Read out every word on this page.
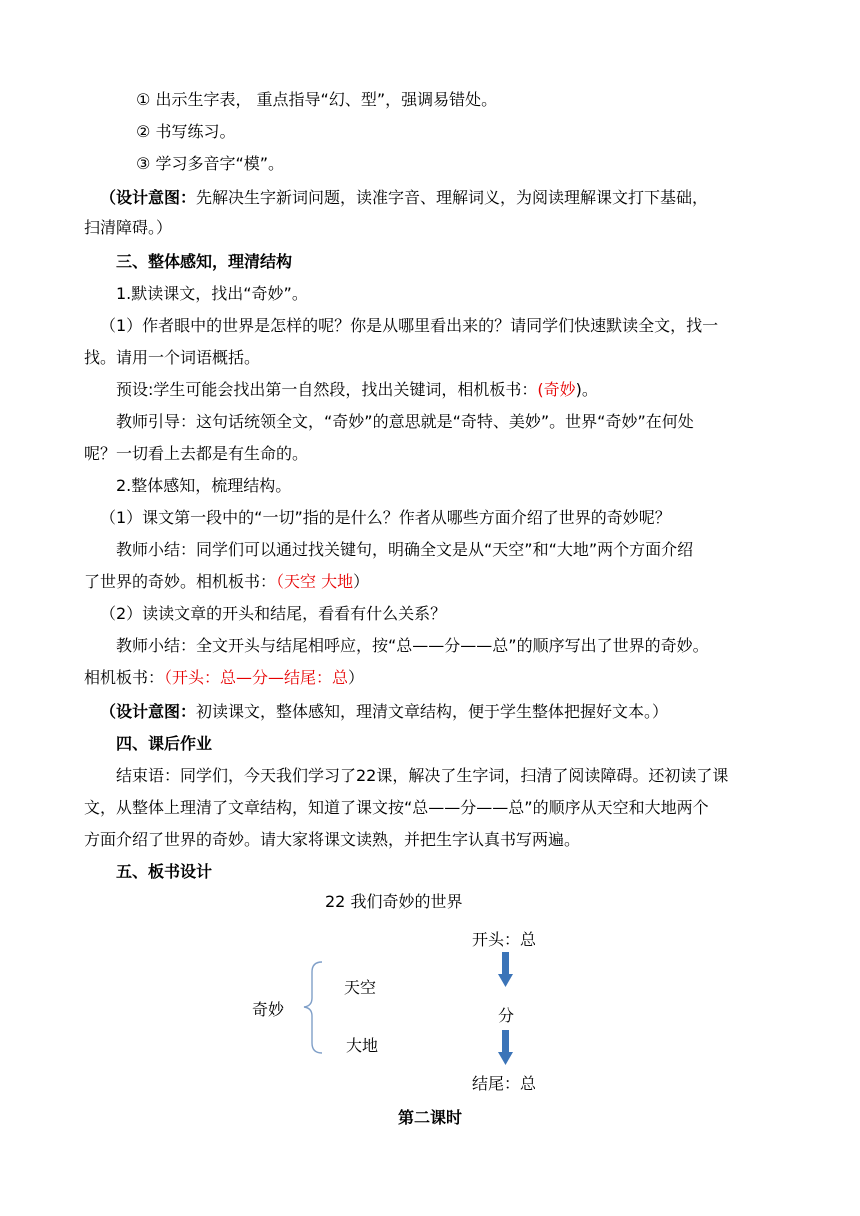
① 出示生字表， 重点指导“幻、型”，强调易错处。
② 书写练习。
③ 学习多音字“模”。
（设计意图：先解决生字新词问题，读准字音、理解词义，为阅读理解课文打下基础，
扫清障碍。）
三、整体感知，理清结构
1.默读课文，找出“奇妙”。
（1）作者眼中的世界是怎样的呢？你是从哪里看出来的？请同学们快速默读全文，找一
找。请用一个词语概括。
预设:学生可能会找出第一自然段，找出关键词，相机板书：(奇妙)。
教师引导：这句话统领全文，“奇妙”的意思就是“奇特、美妙”。世界“奇妙”在何处
呢？一切看上去都是有生命的。
2.整体感知，梳理结构。
（1）课文第一段中的“一切”指的是什么？作者从哪些方面介绍了世界的奇妙呢？
教师小结：同学们可以通过找关键句，明确全文是从“天空”和“大地”两个方面介绍
了世界的奇妙。相机板书：（天空 大地）
（2）读读文章的开头和结尾，看看有什么关系？
教师小结：全文开头与结尾相呼应，按“总——分——总”的顺序写出了世界的奇妙。
相机板书：（开头：总—分—结尾：总）
（设计意图：初读课文，整体感知，理清文章结构，便于学生整体把握好文本。）
四、课后作业
结束语：同学们，今天我们学习了22课，解决了生字词，扫清了阅读障碍。还初读了课
文，从整体上理清了文章结构，知道了课文按“总——分——总”的顺序从天空和大地两个
方面介绍了世界的奇妙。请大家将课文读熟，并把生字认真书写两遍。
五、板书设计
22 我们奇妙的世界
开头：总
天空
奇妙	分
大地
结尾：总
第二课时
